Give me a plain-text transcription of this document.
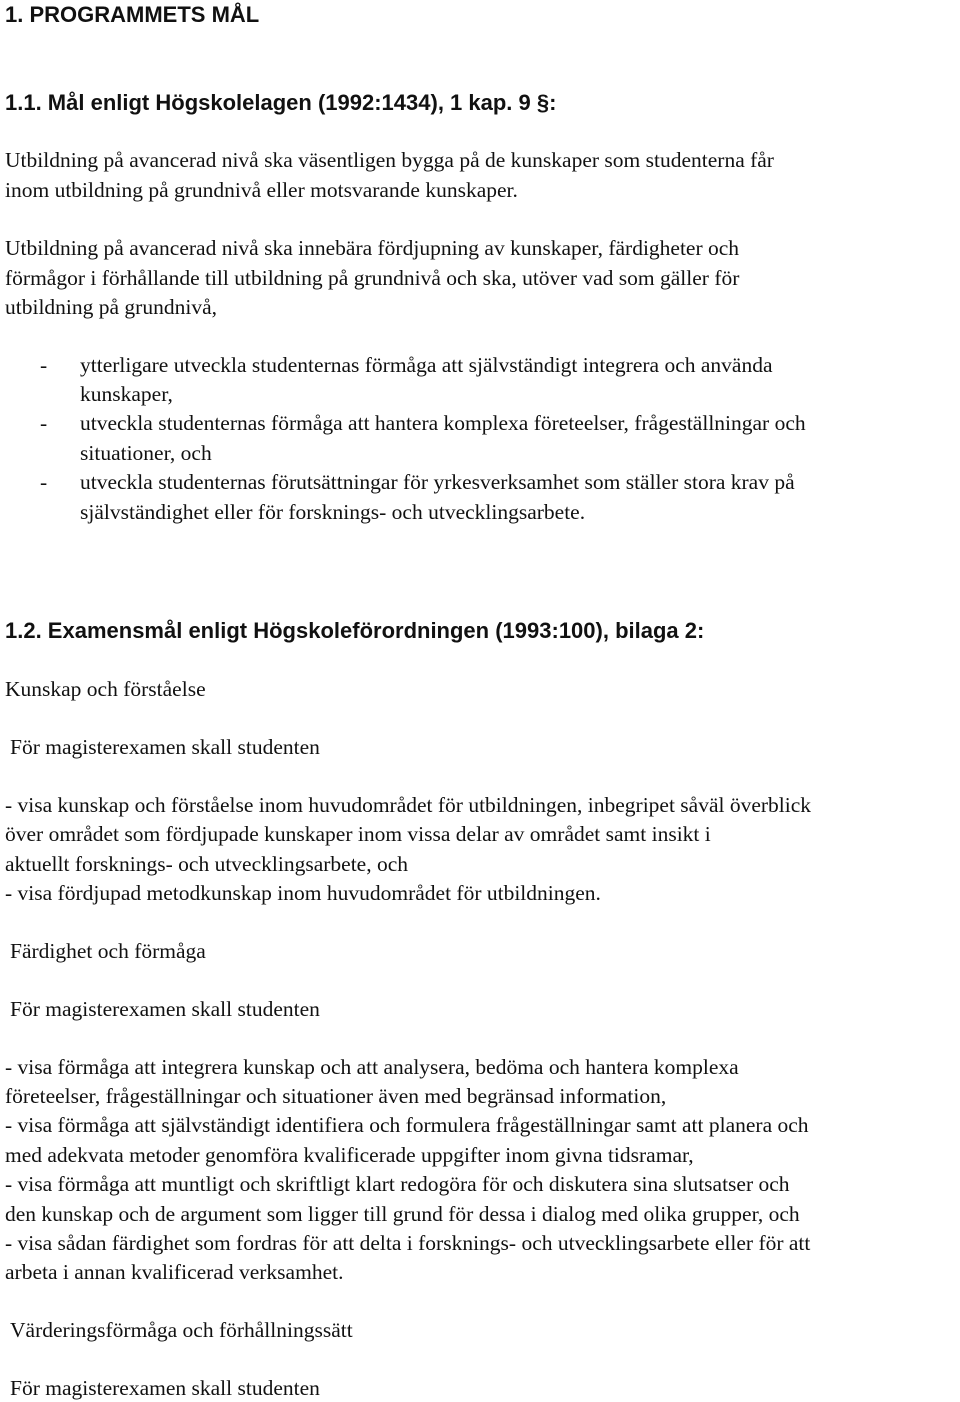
1. PROGRAMMETS MÅL
1.1. Mål enligt Högskolelagen (1992:1434), 1 kap. 9 §:
Utbildning på avancerad nivå ska väsentligen bygga på de kunskaper som studenterna får
inom utbildning på grundnivå eller motsvarande kunskaper.
Utbildning på avancerad nivå ska innebära fördjupning av kunskaper, färdigheter och
förmågor i förhållande till utbildning på grundnivå och ska, utöver vad som gäller för
utbildning på grundnivå,
- ytterligare utveckla studenternas förmåga att självständigt integrera och använda
kunskaper,
- utveckla studenternas förmåga att hantera komplexa företeelser, frågeställningar och
situationer, och
- utveckla studenternas förutsättningar för yrkesverksamhet som ställer stora krav på
självständighet eller för forsknings- och utvecklingsarbete.
1.2. Examensmål enligt Högskoleförordningen (1993:100), bilaga 2:
Kunskap och förståelse
För magisterexamen skall studenten
- visa kunskap och förståelse inom huvudområdet för utbildningen, inbegripet såväl överblick
över området som fördjupade kunskaper inom vissa delar av området samt insikt i
aktuellt forsknings- och utvecklingsarbete, och
- visa fördjupad metodkunskap inom huvudområdet för utbildningen.
Färdighet och förmåga
För magisterexamen skall studenten
- visa förmåga att integrera kunskap och att analysera, bedöma och hantera komplexa
företeelser, frågeställningar och situationer även med begränsad information,
- visa förmåga att självständigt identifiera och formulera frågeställningar samt att planera och
med adekvata metoder genomföra kvalificerade uppgifter inom givna tidsramar,
- visa förmåga att muntligt och skriftligt klart redogöra för och diskutera sina slutsatser och
den kunskap och de argument som ligger till grund för dessa i dialog med olika grupper, och
- visa sådan färdighet som fordras för att delta i forsknings- och utvecklingsarbete eller för att
arbeta i annan kvalificerad verksamhet.
Värderingsförmåga och förhållningssätt
För magisterexamen skall studenten
